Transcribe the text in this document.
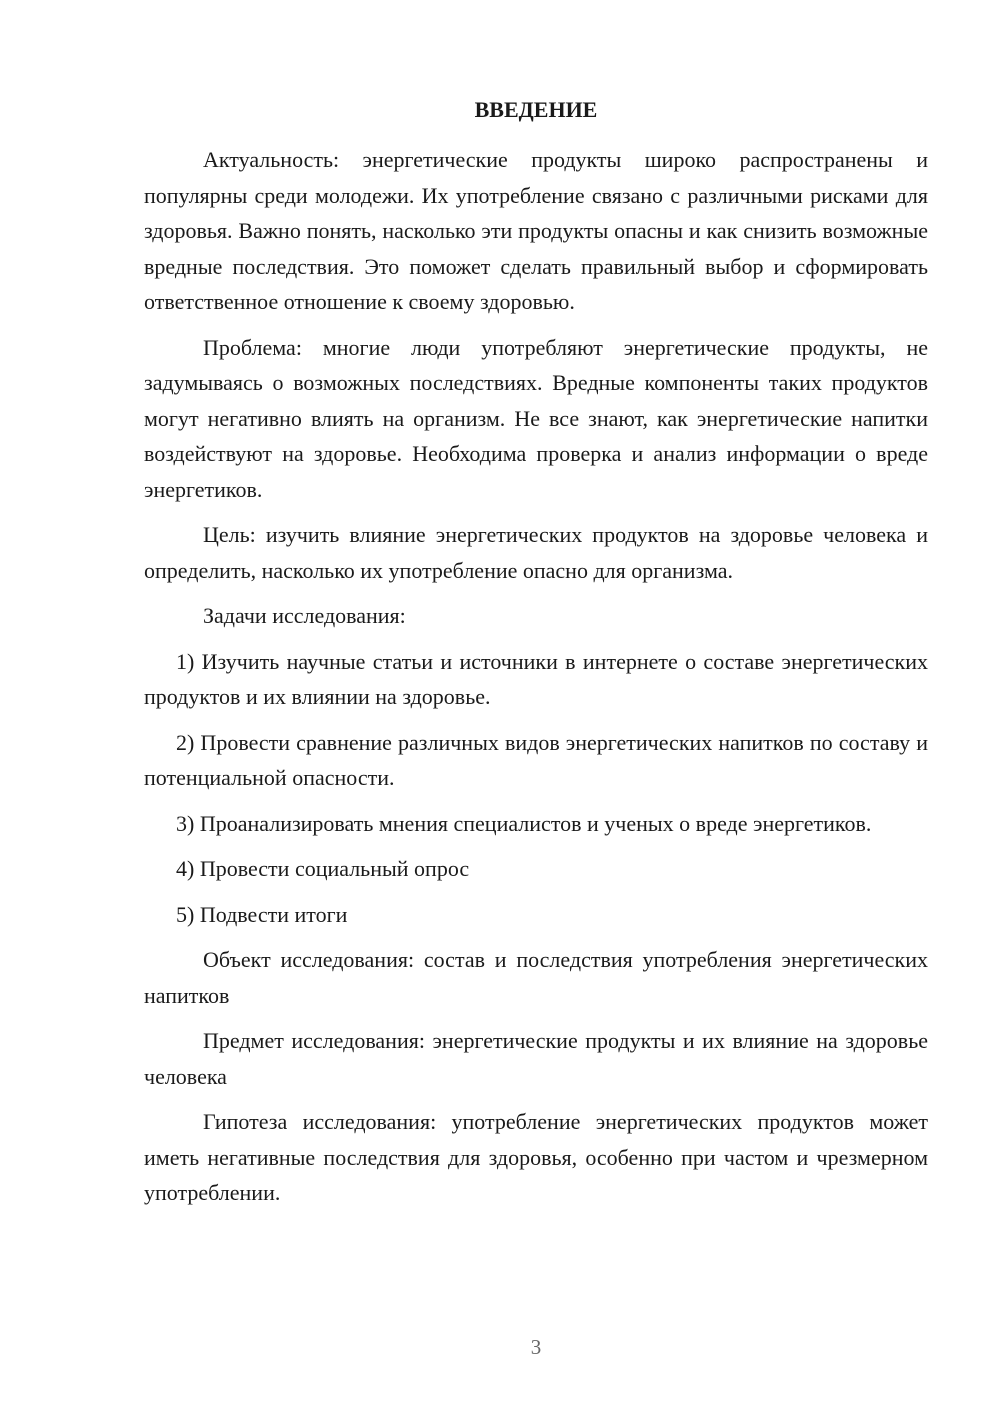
ВВЕДЕНИЕ

Актуальность: энергетические продукты широко распространены и популярны среди молодежи. Их употребление связано с различными рисками для здоровья. Важно понять, насколько эти продукты опасны и как снизить возможные вредные последствия. Это поможет сделать правильный выбор и сформировать ответственное отношение к своему здоровью.

Проблема: многие люди употребляют энергетические продукты, не задумываясь о возможных последствиях. Вредные компоненты таких продуктов могут негативно влиять на организм. Не все знают, как энергетические напитки воздействуют на здоровье. Необходима проверка и анализ информации о вреде энергетиков.

Цель: изучить влияние энергетических продуктов на здоровье человека и определить, насколько их употребление опасно для организма.

Задачи исследования:

1) Изучить научные статьи и источники в интернете о составе энергетических продуктов и их влиянии на здоровье.

2) Провести сравнение различных видов энергетических напитков по составу и потенциальной опасности.

3) Проанализировать мнения специалистов и ученых о вреде энергетиков.

4) Провести социальный опрос

5) Подвести итоги

Объект исследования: состав и последствия употребления энергетических напитков

Предмет исследования: энергетические продукты и их влияние на здоровье человека

Гипотеза исследования: употребление энергетических продуктов может иметь негативные последствия для здоровья, особенно при частом и чрезмерном употреблении.

3
